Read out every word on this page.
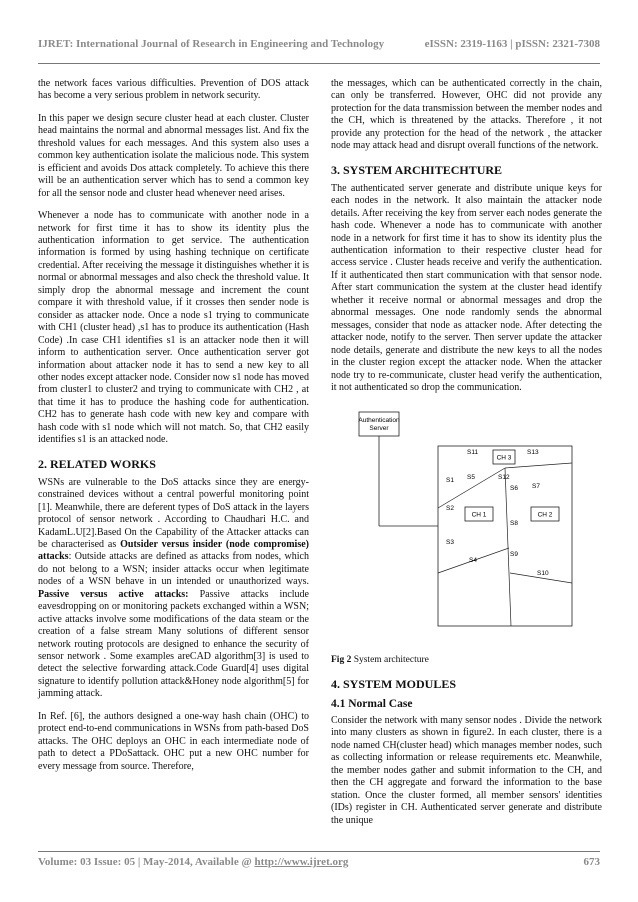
IJRET: International Journal of Research in Engineering and Technology	eISSN: 2319-1163 | pISSN: 2321-7308

the network faces various difficulties. Prevention of DOS attack has become a very serious problem in network security.

In this paper we design secure cluster head at each cluster. Cluster head maintains the normal and abnormal messages list. And fix the threshold values for each messages. And this system also uses a common key authentication isolate the malicious node. This system is efficient and avoids Dos attack completely. To achieve this there will be an authentication server which has to send a common key for all the sensor node and cluster head whenever need arises.

Whenever a node has to communicate with another node in a network for first time it has to show its identity plus the authentication information to get service. The authentication information is formed by using hashing technique on certificate credential. After receiving the message it distinguishes whether it is normal or abnormal messages and also check the threshold value. It simply drop the abnormal message and increment the count compare it with threshold value, if it crosses then sender node is consider as attacker node. Once a node s1 trying to communicate with CH1 (cluster head) ,s1 has to produce its authentication (Hash Code) .In case CH1 identifies s1 is an attacker node then it will inform to authentication server. Once authentication server got information about attacker node it has to send a new key to all other nodes except attacker node. Consider now s1 node has moved from cluster1 to cluster2 and trying to communicate with CH2 , at that time it has to produce the hashing code for authentication. CH2 has to generate hash code with new key and compare with hash code with s1 node which will not match. So, that CH2 easily identifies s1 is an attacked node.

2. RELATED WORKS

WSNs are vulnerable to the DoS attacks since they are energy-constrained devices without a central powerful monitoring point [1]. Meanwhile, there are deferent types of DoS attack in the layers protocol of sensor network . According to Chaudhari H.C. and KadamL.U[2].Based On the Capability of the Attacker attacks can be characterised as Outsider versus insider (node compromise) attacks: Outside attacks are defined as attacks from nodes, which do not belong to a WSN; insider attacks occur when legitimate nodes of a WSN behave in un intended or unauthorized ways. Passive versus active attacks: Passive attacks include eavesdropping on or monitoring packets exchanged within a WSN; active attacks involve some modifications of the data steam or the creation of a false stream Many solutions of different sensor network routing protocols are designed to enhance the security of sensor network . Some examples areCAD algorithm[3] is used to detect the selective forwarding attack.Code Guard[4] uses digital signature to identify pollution attack&Honey node algorithm[5] for jamming attack.

In Ref. [6], the authors designed a one-way hash chain (OHC) to protect end-to-end communications in WSNs from path-based DoS attacks. The OHC deploys an OHC in each intermediate node of path to detect a PDoSattack. OHC put a new OHC number for every message from source. Therefore,

the messages, which can be authenticated correctly in the chain, can only be transferred. However, OHC did not provide any protection for the data transmission between the member nodes and the CH, which is threatened by the attacks. Therefore , it not provide any protection for the head of the network , the attacker node may attack head and disrupt overall functions of the network.

3. SYSTEM ARCHITECHTURE

The authenticated server generate and distribute unique keys for each nodes in the network. It also maintain the attacker node details. After receiving the key from server each nodes generate the hash code. Whenever a node has to communicate with another node in a network for first time it has to show its identity plus the authentication information to their respective cluster head for access service . Cluster heads receive and verify the authentication. If it authenticated then start communication with that sensor node. After start communication the system at the cluster head identify whether it receive normal or abnormal messages and drop the abnormal messages. One node randomly sends the abnormal messages, consider that node as attacker node. After detecting the attacker node, notify to the server. Then server update the attacker node details, generate and distribute the new keys to all the nodes in the cluster region except the attacker node. When the attacker node try to re-communicate, cluster head verify the authentication, it not authenticated so drop the communication.

Authentication
Server
CH 3
CH 1	CH 2
S11	S13
S1 S5	S12
S6 S7
S2
S8
S3
S9
S4
S10

Fig 2 System architecture

4. SYSTEM MODULES
4.1 Normal Case

Consider the network with many sensor nodes . Divide the network into many clusters as shown in figure2. In each cluster, there is a node named CH(cluster head) which manages member nodes, such as collecting information or release requirements etc. Meanwhile, the member nodes gather and submit information to the CH, and then the CH aggregate and forward the information to the base station. Once the cluster formed, all member sensors' identities (IDs) register in CH. Authenticated server generate and distribute the unique

Volume: 03 Issue: 05 | May-2014, Available @ http://www.ijret.org	673
